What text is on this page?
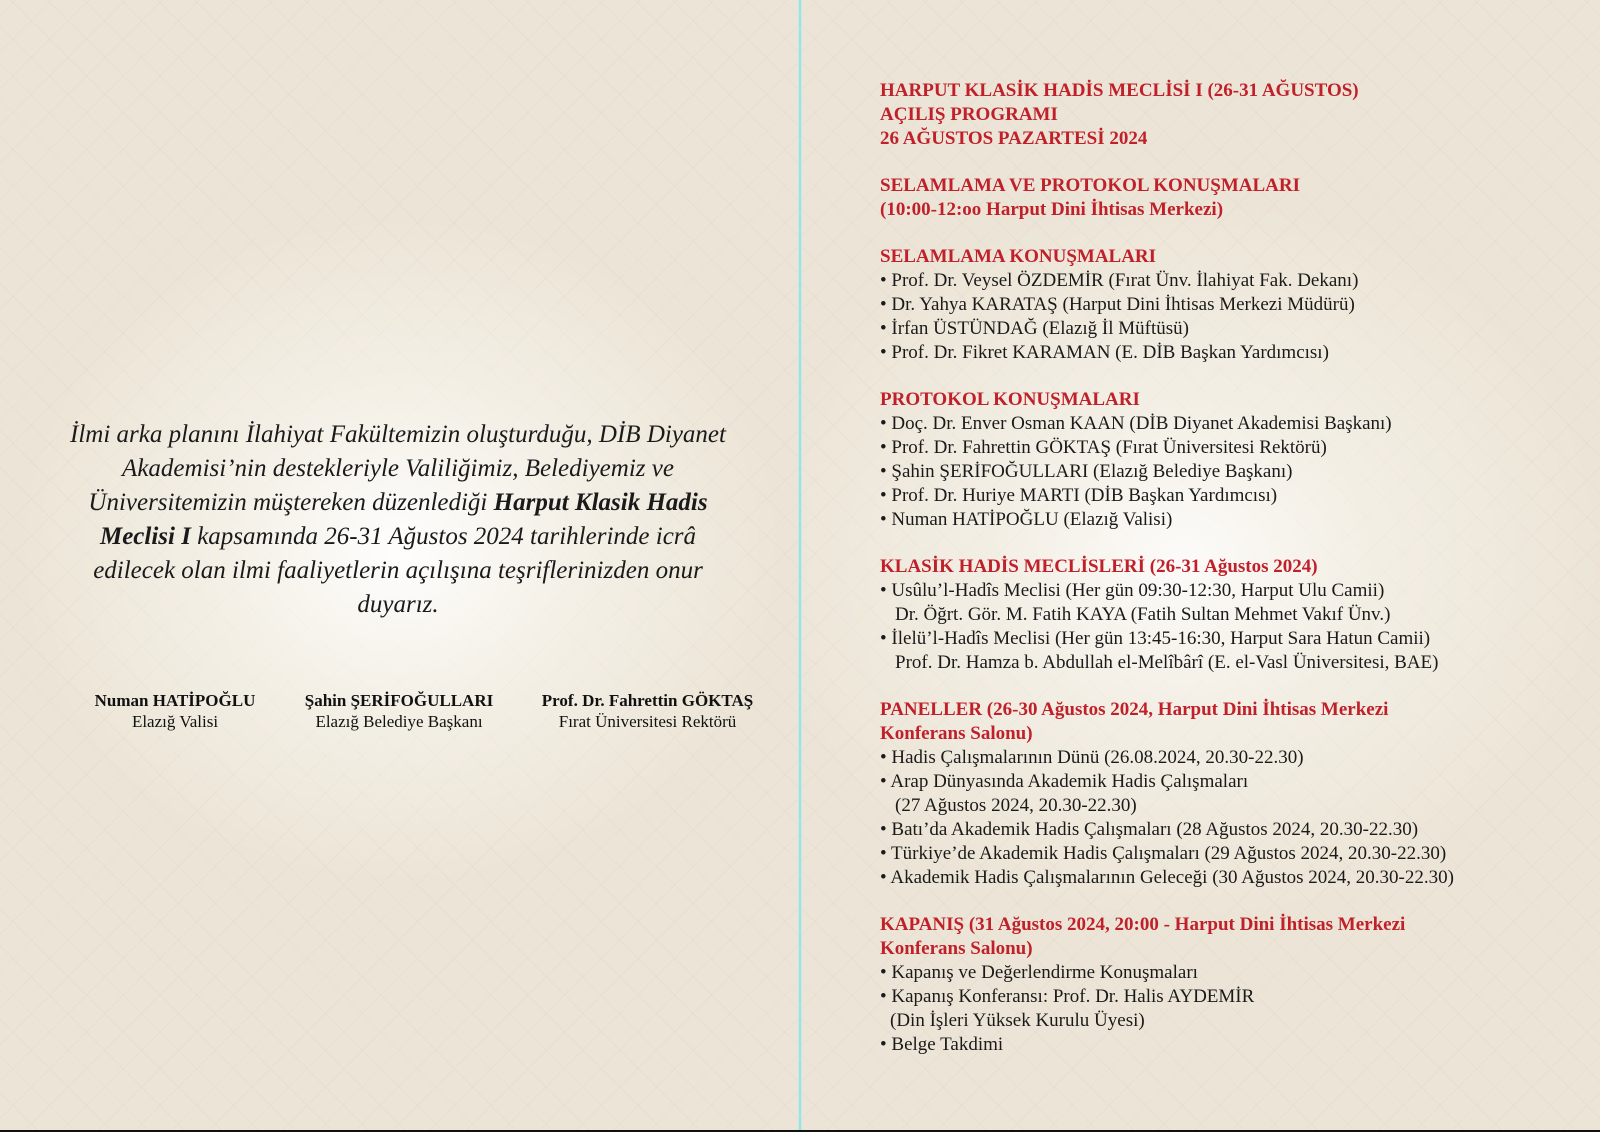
İlmi arka planını İlahiyat Fakültemizin oluşturduğu, DİB Diyanet Akademisi’nin destekleriyle Valiliğimiz, Belediyemiz ve Üniversitemizin müştereken düzenlediği Harput Klasik Hadis Meclisi I kapsamında 26-31 Ağustos 2024 tarihlerinde icrâ edilecek olan ilmi faaliyetlerin açılışına teşriflerinizden onur duyarız.
Numan HATİPOĞLU
Elazığ Valisi
Şahin ŞERİFOĞULLARI
Elazığ Belediye Başkanı
Prof. Dr. Fahrettin GÖKTAŞ
Fırat Üniversitesi Rektörü
HARPUT KLASİK HADİS MECLİSİ I (26-31 AĞUSTOS)
AÇILIŞ PROGRAMI
26 AĞUSTOS PAZARTESİ 2024
SELAMLAMA VE PROTOKOL KONUŞMALARI
(10:00-12:oo Harput Dini İhtisas Merkezi)
SELAMLAMA KONUŞMALARI
• Prof. Dr. Veysel ÖZDEMİR (Fırat Ünv. İlahiyat Fak. Dekanı)
• Dr. Yahya KARATAŞ (Harput Dini İhtisas Merkezi Müdürü)
• İrfan ÜSTÜNDAĞ (Elazığ İl Müftüsü)
• Prof. Dr. Fikret KARAMAN (E. DİB Başkan Yardımcısı)
PROTOKOL KONUŞMALARI
• Doç. Dr. Enver Osman KAAN (DİB Diyanet Akademisi Başkanı)
• Prof. Dr. Fahrettin GÖKTAŞ (Fırat Üniversitesi Rektörü)
• Şahin ŞERİFOĞULLARI (Elazığ Belediye Başkanı)
• Prof. Dr. Huriye MARTI (DİB Başkan Yardımcısı)
• Numan HATİPOĞLU (Elazığ Valisi)
KLASİK HADİS MECLİSLERİ (26-31 Ağustos 2024)
• Usûlu’l-Hadîs Meclisi (Her gün 09:30-12:30, Harput Ulu Camii)
Dr. Öğrt. Gör. M. Fatih KAYA (Fatih Sultan Mehmet Vakıf Ünv.)
• İlelü’l-Hadîs Meclisi (Her gün 13:45-16:30, Harput Sara Hatun Camii)
Prof. Dr. Hamza b. Abdullah el-Melîbârî (E. el-Vasl Üniversitesi, BAE)
PANELLER (26-30 Ağustos 2024, Harput Dini İhtisas Merkezi
Konferans Salonu)
• Hadis Çalışmalarının Dünü (26.08.2024, 20.30-22.30)
• Arap Dünyasında Akademik Hadis Çalışmaları
(27 Ağustos 2024, 20.30-22.30)
• Batı’da Akademik Hadis Çalışmaları (28 Ağustos 2024, 20.30-22.30)
• Türkiye’de Akademik Hadis Çalışmaları (29 Ağustos 2024, 20.30-22.30)
• Akademik Hadis Çalışmalarının Geleceği (30 Ağustos 2024, 20.30-22.30)
KAPANIŞ (31 Ağustos 2024, 20:00 - Harput Dini İhtisas Merkezi
Konferans Salonu)
• Kapanış ve Değerlendirme Konuşmaları
• Kapanış Konferansı: Prof. Dr. Halis AYDEMİR
(Din İşleri Yüksek Kurulu Üyesi)
• Belge Takdimi
